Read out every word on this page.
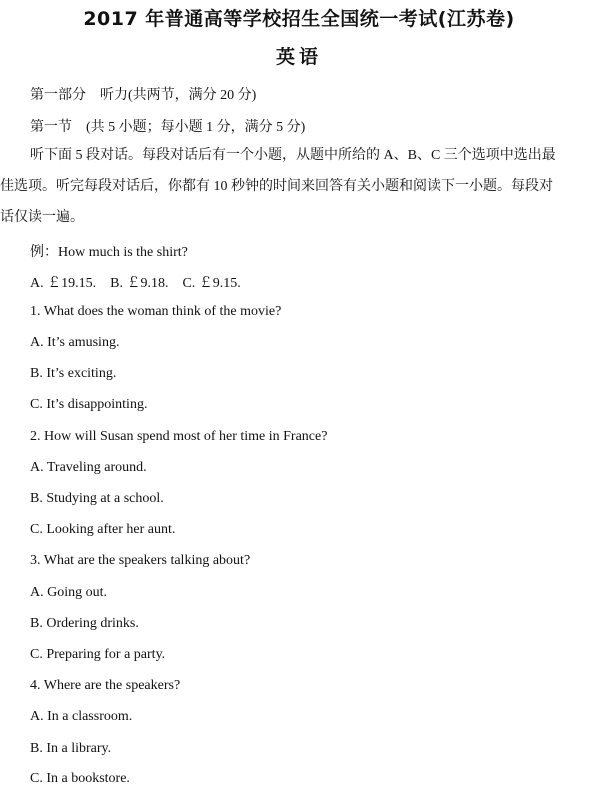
2017 年普通高等学校招生全国统一考试(江苏卷)
英语
第一部分　听力(共两节，满分 20 分)
第一节　(共 5 小题；每小题 1 分，满分 5 分)
听下面 5 段对话。每段对话后有一个小题，从题中所给的 A、B、C 三个选项中选出最佳选项。听完每段对话后，你都有 10 秒钟的时间来回答有关小题和阅读下一小题。每段对话仅读一遍。
例：How much is the shirt?
A. ￡19.15.    B. ￡9.18.    C. ￡9.15.
1. What does the woman think of the movie?
A. It’s amusing.
B. It’s exciting.
C. It’s disappointing.
2. How will Susan spend most of her time in France?
A. Traveling around.
B. Studying at a school.
C. Looking after her aunt.
3. What are the speakers talking about?
A. Going out.
B. Ordering drinks.
C. Preparing for a party.
4. Where are the speakers?
A. In a classroom.
B. In a library.
C. In a bookstore.
